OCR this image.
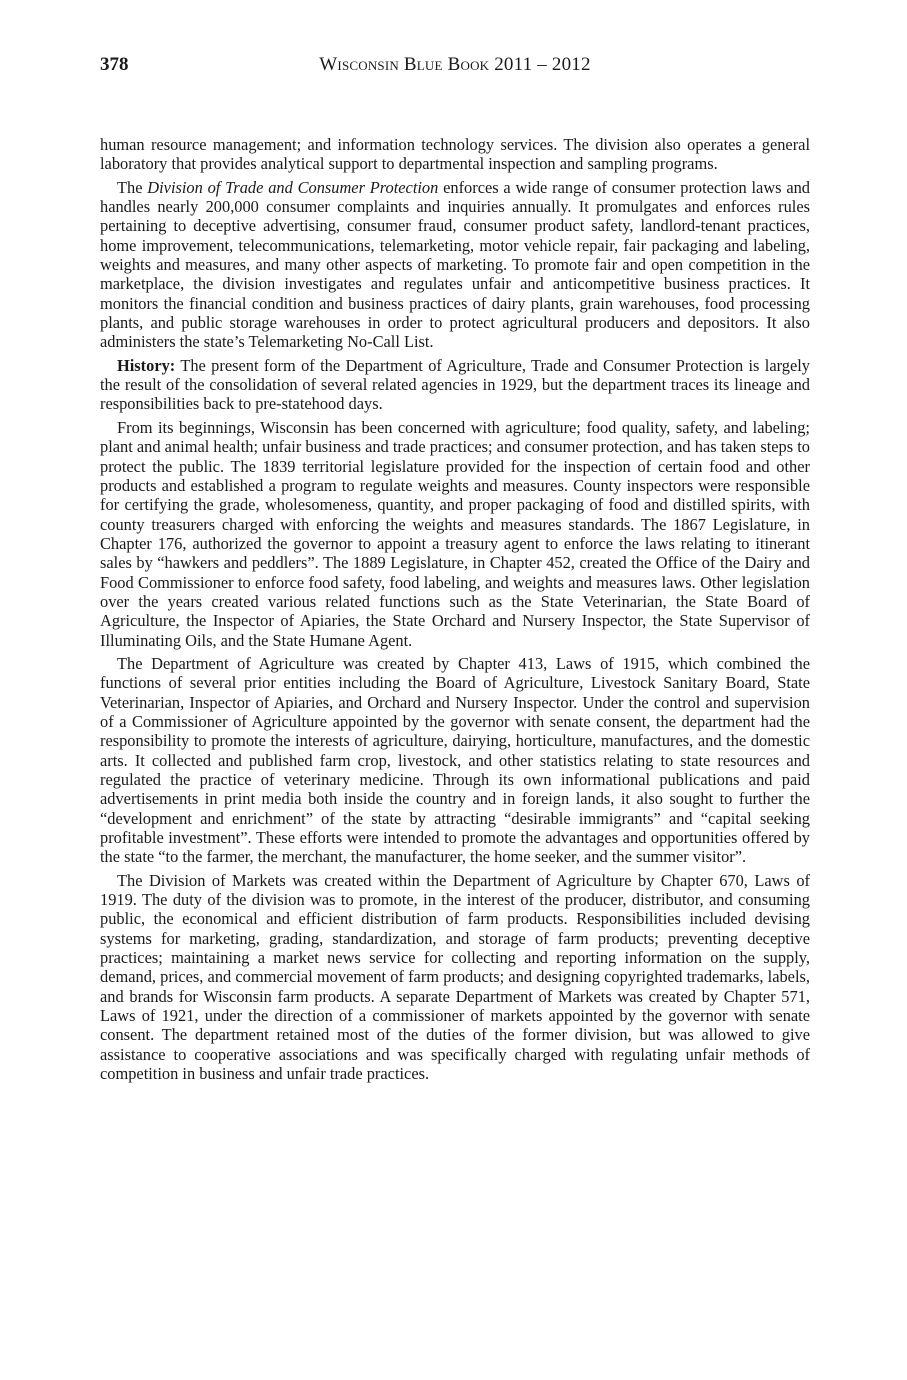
378	Wisconsin Blue Book 2011 – 2012

human resource management; and information technology services. The division also operates a general laboratory that provides analytical support to departmental inspection and sampling programs.

The Division of Trade and Consumer Protection enforces a wide range of consumer protection laws and handles nearly 200,000 consumer complaints and inquiries annually. It promulgates and enforces rules pertaining to deceptive advertising, consumer fraud, consumer product safety, landlord-tenant practices, home improvement, telecommunications, telemarketing, motor vehicle repair, fair packaging and labeling, weights and measures, and many other aspects of marketing. To promote fair and open competition in the marketplace, the division investigates and regulates unfair and anticompetitive business practices. It monitors the financial condition and business practices of dairy plants, grain warehouses, food processing plants, and public storage warehouses in order to protect agricultural producers and depositors. It also administers the state’s Telemarketing No-Call List.

History: The present form of the Department of Agriculture, Trade and Consumer Protection is largely the result of the consolidation of several related agencies in 1929, but the department traces its lineage and responsibilities back to pre-statehood days.

From its beginnings, Wisconsin has been concerned with agriculture; food quality, safety, and labeling; plant and animal health; unfair business and trade practices; and consumer protection, and has taken steps to protect the public. The 1839 territorial legislature provided for the inspection of certain food and other products and established a program to regulate weights and measures. County inspectors were responsible for certifying the grade, wholesomeness, quantity, and proper packaging of food and distilled spirits, with county treasurers charged with enforcing the weights and measures standards. The 1867 Legislature, in Chapter 176, authorized the governor to appoint a treasury agent to enforce the laws relating to itinerant sales by “hawkers and peddlers”. The 1889 Legislature, in Chapter 452, created the Office of the Dairy and Food Commissioner to enforce food safety, food labeling, and weights and measures laws. Other legislation over the years created various related functions such as the State Veterinarian, the State Board of Agriculture, the Inspector of Apiaries, the State Orchard and Nursery Inspector, the State Supervisor of Illuminating Oils, and the State Humane Agent.

The Department of Agriculture was created by Chapter 413, Laws of 1915, which combined the functions of several prior entities including the Board of Agriculture, Livestock Sanitary Board, State Veterinarian, Inspector of Apiaries, and Orchard and Nursery Inspector. Under the control and supervision of a Commissioner of Agriculture appointed by the governor with senate consent, the department had the responsibility to promote the interests of agriculture, dairying, horticulture, manufactures, and the domestic arts. It collected and published farm crop, livestock, and other statistics relating to state resources and regulated the practice of veterinary medicine. Through its own informational publications and paid advertisements in print media both inside the country and in foreign lands, it also sought to further the “development and enrichment” of the state by attracting “desirable immigrants” and “capital seeking profitable investment”. These efforts were intended to promote the advantages and opportunities offered by the state “to the farmer, the merchant, the manufacturer, the home seeker, and the summer visitor”.

The Division of Markets was created within the Department of Agriculture by Chapter 670, Laws of 1919. The duty of the division was to promote, in the interest of the producer, distributor, and consuming public, the economical and efficient distribution of farm products. Responsibilities included devising systems for marketing, grading, standardization, and storage of farm products; preventing deceptive practices; maintaining a market news service for collecting and reporting information on the supply, demand, prices, and commercial movement of farm products; and designing copyrighted trademarks, labels, and brands for Wisconsin farm products. A separate Department of Markets was created by Chapter 571, Laws of 1921, under the direction of a commissioner of markets appointed by the governor with senate consent. The department retained most of the duties of the former division, but was allowed to give assistance to cooperative associations and was specifically charged with regulating unfair methods of competition in business and unfair trade practices.
